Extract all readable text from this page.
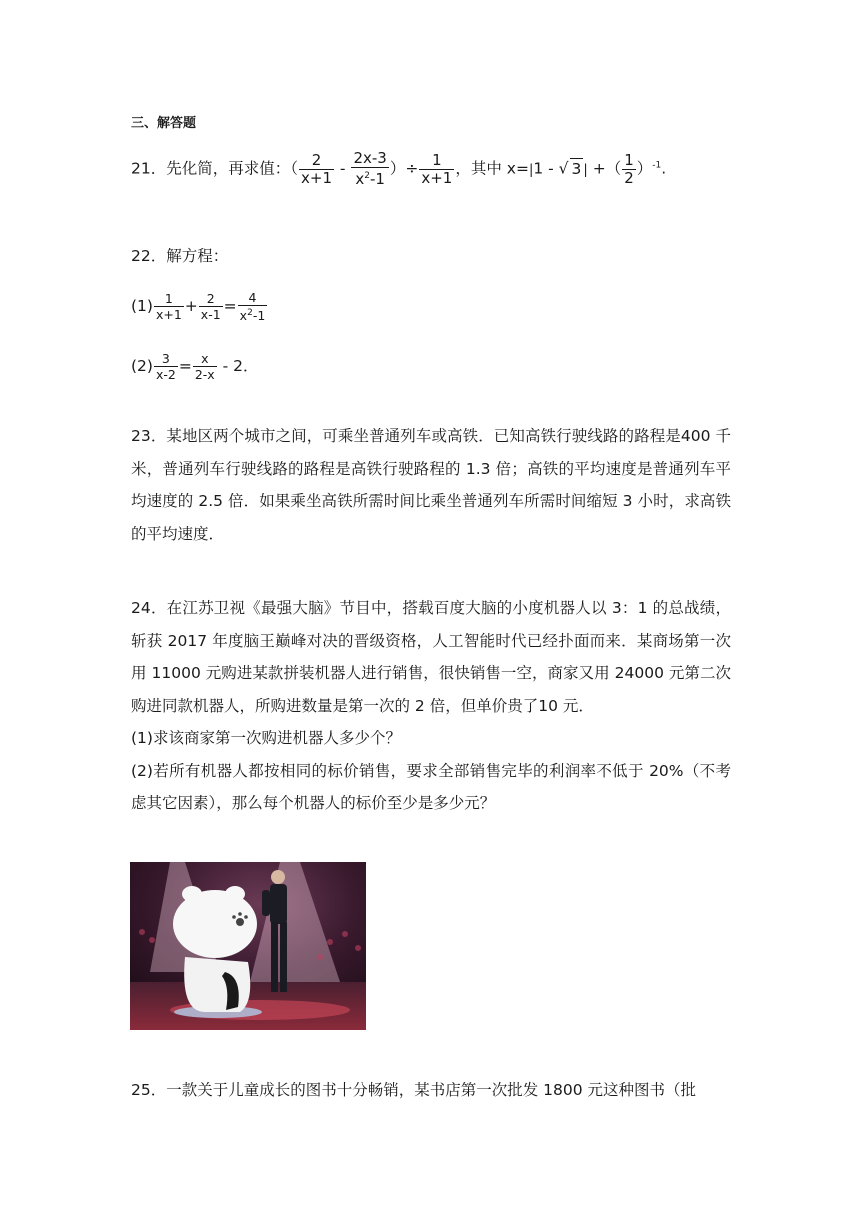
三、解答题
21．先化简，再求值：（ $\frac{2}{x+1} - \frac{2x-3}{x^2-1}$ ）÷ $\frac{1}{x+1}$ ，其中 x=|1 - √ 3 | +（ $\frac{1}{2} )^{-1}$.
22．解方程：
$(1) \frac{1}{x+1} + \frac{2}{x-1} = \frac{4}{x^2-1}$
$(2) \frac{3}{x-2} = \frac{x}{2-x} - 2$．
23．某地区两个城市之间，可乘坐普通列车或高铁．已知高铁行驶线路的路程是400 千米，普通列车行驶线路的路程是高铁行驶路程的 1.3 倍；高铁的平均速度是普通列车平均速度的 2.5 倍．如果乘坐高铁所需时间比乘坐普通列车所需时间缩短 3 小时，求高铁的平均速度．
24．在江苏卫视《最强大脑》节目中，搭载百度大脑的小度机器人以 3：1 的总战绩，斩获 2017 年度脑王巅峰对决的晋级资格，人工智能时代已经扑面而来．某商场第一次用 11000 元购进某款拼装机器人进行销售，很快销售一空，商家又用 24000 元第二次购进同款机器人，所购进数量是第一次的 2 倍，但单价贵了10 元．
(1)求该商家第一次购进机器人多少个？
(2)若所有机器人都按相同的标价销售，要求全部销售完毕的利润率不低于 20%（不考虑其它因素），那么每个机器人的标价至少是多少元？
25．一款关于儿童成长的图书十分畅销，某书店第一次批发 1800 元这种图书（批
